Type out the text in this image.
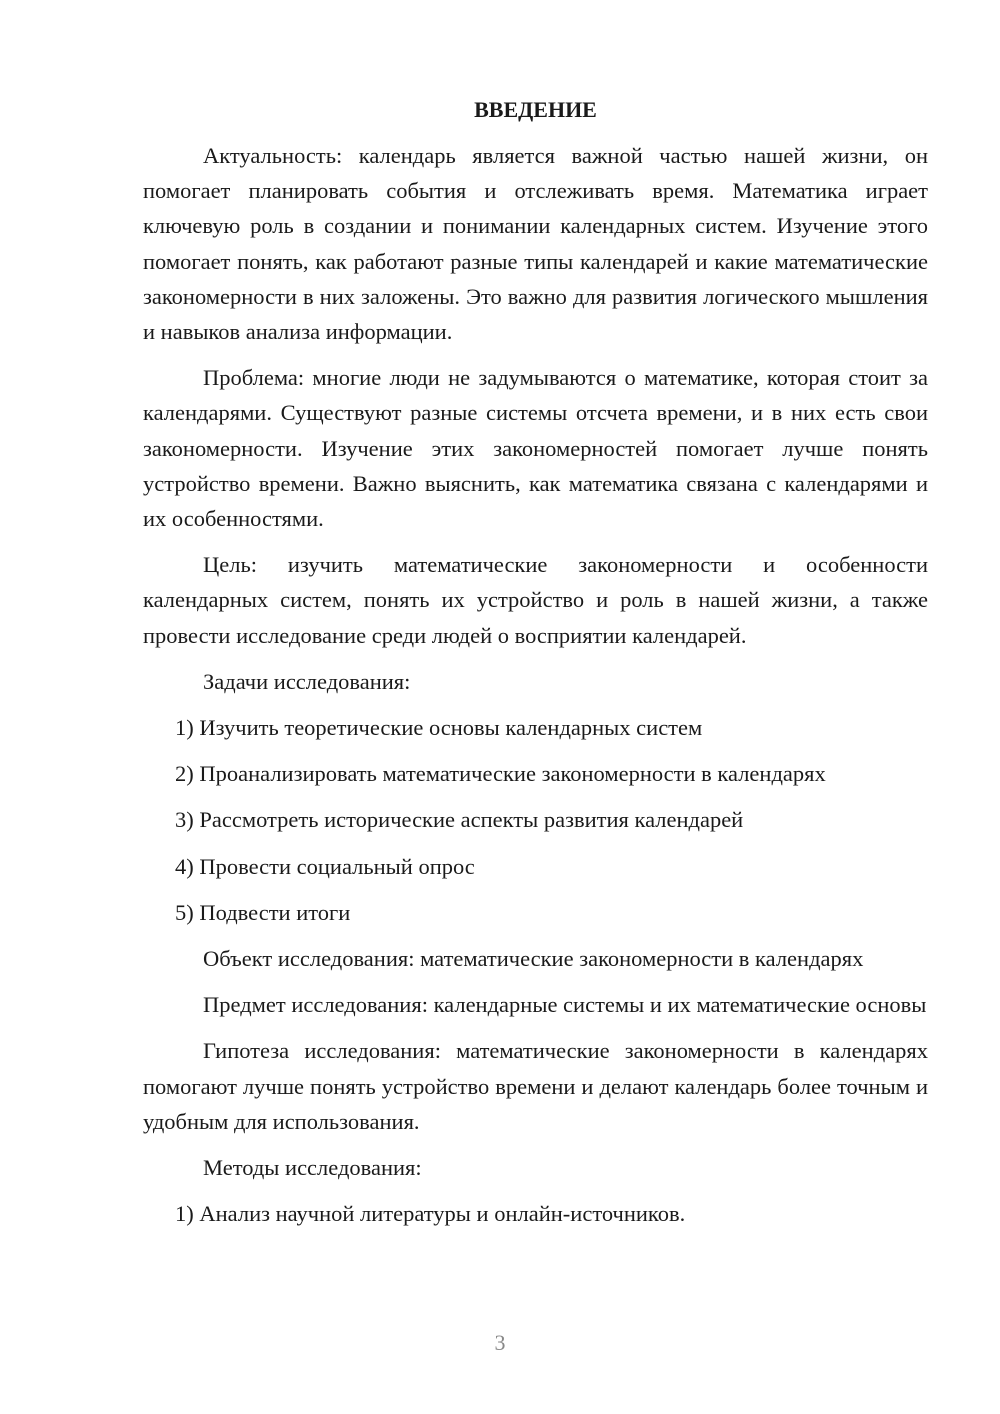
ВВЕДЕНИЕ

Актуальность: календарь является важной частью нашей жизни, он помогает планировать события и отслеживать время. Математика играет ключевую роль в создании и понимании календарных систем. Изучение этого помогает понять, как работают разные типы календарей и какие математические закономерности в них заложены. Это важно для развития логического мышления и навыков анализа информации.

Проблема: многие люди не задумываются о математике, которая стоит за календарями. Существуют разные системы отсчета времени, и в них есть свои закономерности. Изучение этих закономерностей помогает лучше понять устройство времени. Важно выяснить, как математика связана с календарями и их особенностями.

Цель: изучить математические закономерности и особенности календарных систем, понять их устройство и роль в нашей жизни, а также провести исследование среди людей о восприятии календарей.

Задачи исследования:

1) Изучить теоретические основы календарных систем

2) Проанализировать математические закономерности в календарях

3) Рассмотреть исторические аспекты развития календарей

4) Провести социальный опрос

5) Подвести итоги

Объект исследования: математические закономерности в календарях

Предмет исследования: календарные системы и их математические основы

Гипотеза исследования: математические закономерности в календарях помогают лучше понять устройство времени и делают календарь более точным и удобным для использования.

Методы исследования:

1) Анализ научной литературы и онлайн-источников.

3
